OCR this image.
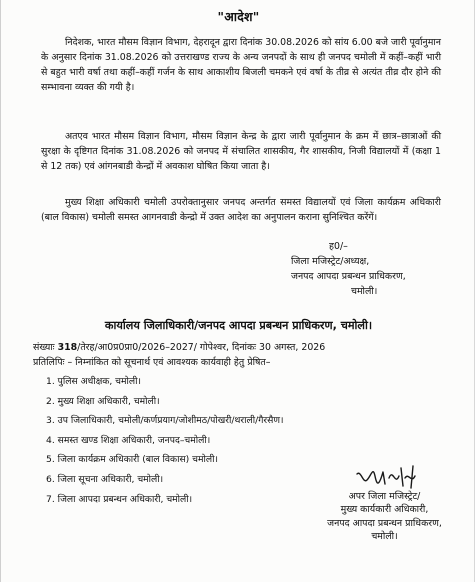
"आदेश"

निदेशक, भारत मौसम विज्ञान विभाग, देहरादून द्वारा दिनांक 30.08.2026 को सांय 6.00 बजे जारी पूर्वानुमान के अनुसार दिनांक 31.08.2026 को उत्तराखण्ड राज्य के अन्य जनपदों के साथ ही जनपद चमोली में कहीं–कहीं भारी से बहुत भारी वर्षा तथा कहीं–कहीं गर्जन के साथ आकाशीय बिजली चमकने एवं वर्षा के तीव्र से अत्यंत तीव्र दौर होने की सम्भावना व्यक्त की गयी है।

अतएव भारत मौसम विज्ञान विभाग, मौसम विज्ञान केन्द्र के द्वारा जारी पूर्वानुमान के क्रम में छात्र–छात्राओं की सुरक्षा के दृष्टिगत दिनांक 31.08.2026 को जनपद में संचालित शासकीय, गैर शासकीय, निजी विद्यालयों में (कक्षा 1 से 12 तक) एवं आंगनबाडी केन्द्रों में अवकाश घोषित किया जाता है।

मुख्य शिक्षा अधिकारी चमोली उपरोक्तानुसार जनपद अन्तर्गत समस्त विद्यालयों एवं जिला कार्यक्रम अधिकारी (बाल विकास) चमोली समस्त आगनवाडी केन्द्रो में उक्त आदेश का अनुपालन कराना सुनिश्चित करेंगें।

ह0/–
जिला मजिस्ट्रेट/अध्यक्ष,
जनपद आपदा प्रबन्धन प्राधिकरण,
चमोली।
कार्यालय जिलाधिकारी/जनपद आपदा प्रबन्धन प्राधिकरण, चमोली।
संख्याः 318/तेरह/आ0प्र0प्रा0/2026–2027/ गोपेश्वर, दिनांकः 30 अगस्त, 2026
प्रतिलिपिः – निम्नांकित को सूचनार्थ एवं आवश्यक कार्यवाही हेतु प्रेषित–
1. पुलिस अधीक्षक, चमोली।
2. मुख्य शिक्षा अधिकारी, चमोली।
3. उप जिलाधिकारी, चमोली/कर्णप्रयाग/जोशीमठ/पोखरी/थराली/गैरसैण।
4. समस्त खण्ड शिक्षा अधिकारी, जनपद–चमोली।
5. जिला कार्यक्रम अधिकारी (बाल विकास) चमोली।
6. जिला सूचना अधिकारी, चमोली।
7. जिला आपदा प्रबन्धन अधिकारी, चमोली।	अपर जिला मजिस्ट्रेट/
मुख्य कार्यकारी अधिकारी,
जनपद आपदा प्रबन्धन प्राधिकरण,
चमोली।
